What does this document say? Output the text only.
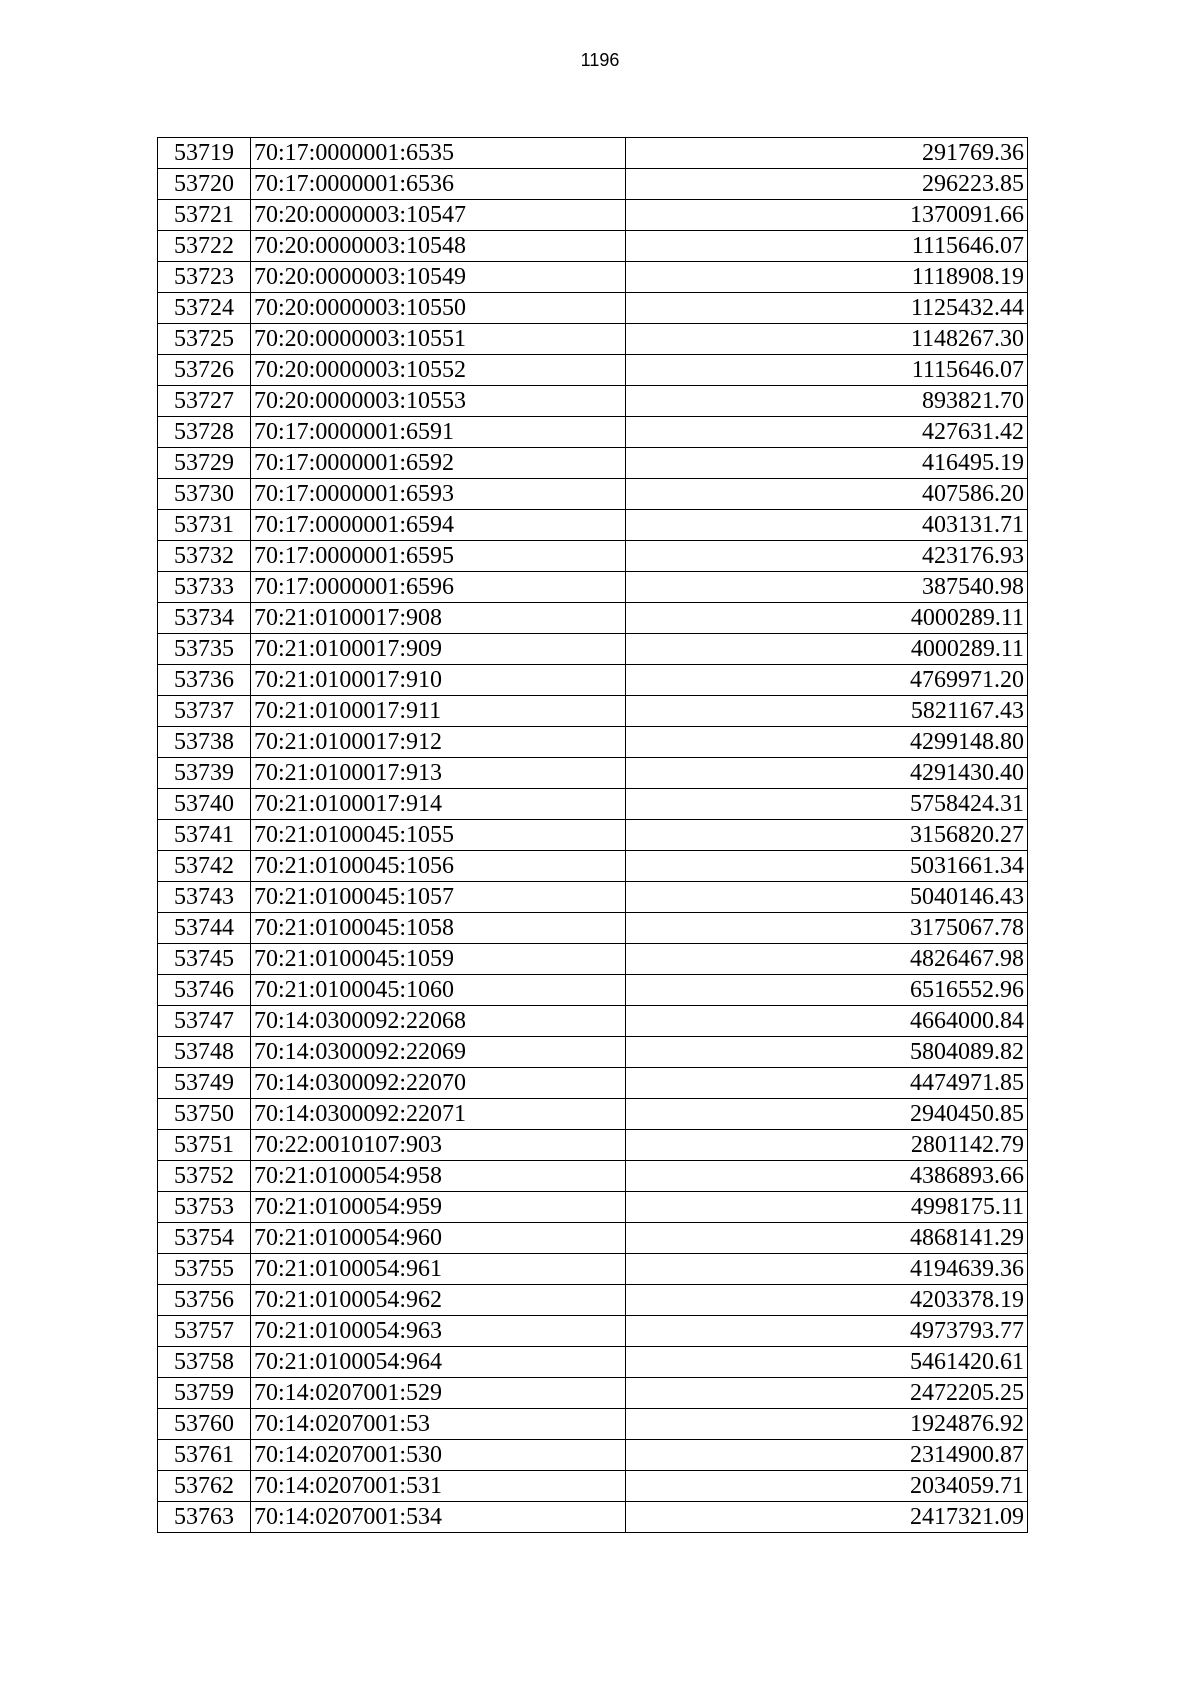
1196
53719	70:17:0000001:6535	291769.36
53720	70:17:0000001:6536	296223.85
53721	70:20:0000003:10547	1370091.66
53722	70:20:0000003:10548	1115646.07
53723	70:20:0000003:10549	1118908.19
53724	70:20:0000003:10550	1125432.44
53725	70:20:0000003:10551	1148267.30
53726	70:20:0000003:10552	1115646.07
53727	70:20:0000003:10553	893821.70
53728	70:17:0000001:6591	427631.42
53729	70:17:0000001:6592	416495.19
53730	70:17:0000001:6593	407586.20
53731	70:17:0000001:6594	403131.71
53732	70:17:0000001:6595	423176.93
53733	70:17:0000001:6596	387540.98
53734	70:21:0100017:908	4000289.11
53735	70:21:0100017:909	4000289.11
53736	70:21:0100017:910	4769971.20
53737	70:21:0100017:911	5821167.43
53738	70:21:0100017:912	4299148.80
53739	70:21:0100017:913	4291430.40
53740	70:21:0100017:914	5758424.31
53741	70:21:0100045:1055	3156820.27
53742	70:21:0100045:1056	5031661.34
53743	70:21:0100045:1057	5040146.43
53744	70:21:0100045:1058	3175067.78
53745	70:21:0100045:1059	4826467.98
53746	70:21:0100045:1060	6516552.96
53747	70:14:0300092:22068	4664000.84
53748	70:14:0300092:22069	5804089.82
53749	70:14:0300092:22070	4474971.85
53750	70:14:0300092:22071	2940450.85
53751	70:22:0010107:903	2801142.79
53752	70:21:0100054:958	4386893.66
53753	70:21:0100054:959	4998175.11
53754	70:21:0100054:960	4868141.29
53755	70:21:0100054:961	4194639.36
53756	70:21:0100054:962	4203378.19
53757	70:21:0100054:963	4973793.77
53758	70:21:0100054:964	5461420.61
53759	70:14:0207001:529	2472205.25
53760	70:14:0207001:53	1924876.92
53761	70:14:0207001:530	2314900.87
53762	70:14:0207001:531	2034059.71
53763	70:14:0207001:534	2417321.09
